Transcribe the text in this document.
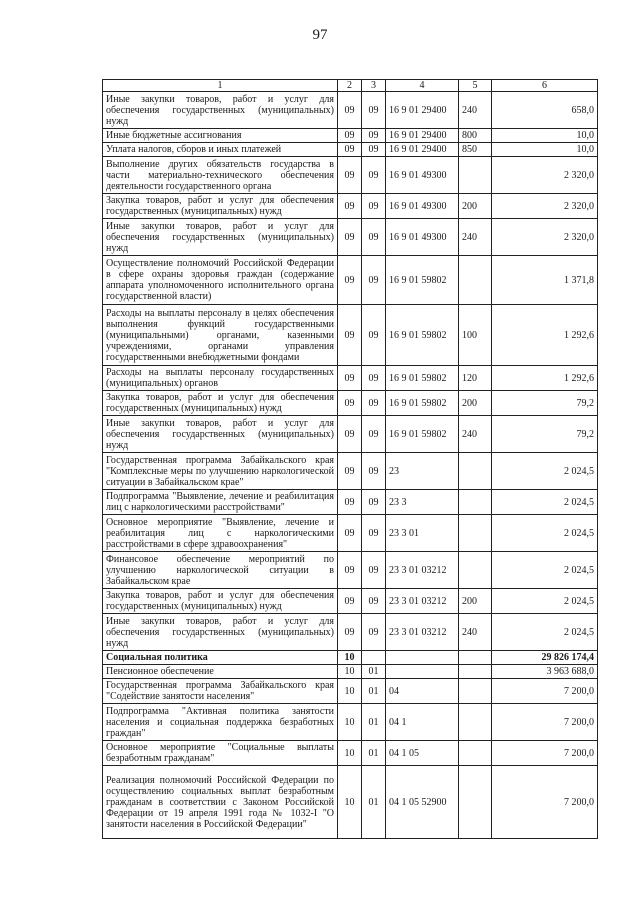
97
1	2	3	4	5	6
Иные закупки товаров, работ и услуг для обеспечения государственных (муниципальных) нужд	09	09	16 9 01 29400	240	658,0
Иные бюджетные ассигнования	09	09	16 9 01 29400	800	10,0
Уплата налогов, сборов и иных платежей	09	09	16 9 01 29400	850	10,0
Выполнение других обязательств государства в части материально-технического обеспечения деятельности государственного органа	09	09	16 9 01 49300		2 320,0
Закупка товаров, работ и услуг для обеспечения государственных (муниципальных) нужд	09	09	16 9 01 49300	200	2 320,0
Иные закупки товаров, работ и услуг для обеспечения государственных (муниципальных) нужд	09	09	16 9 01 49300	240	2 320,0
Осуществление полномочий Российской Федерации в сфере охраны здоровья граждан (содержание аппарата уполномоченного исполнительного органа государственной власти)	09	09	16 9 01 59802		1 371,8
Расходы на выплаты персоналу в целях обеспечения выполнения функций государственными (муниципальными) органами, казенными учреждениями, органами управления государственными внебюджетными фондами	09	09	16 9 01 59802	100	1 292,6
Расходы на выплаты персоналу государственных (муниципальных) органов	09	09	16 9 01 59802	120	1 292,6
Закупка товаров, работ и услуг для обеспечения государственных (муниципальных) нужд	09	09	16 9 01 59802	200	79,2
Иные закупки товаров, работ и услуг для обеспечения государственных (муниципальных) нужд	09	09	16 9 01 59802	240	79,2
Государственная программа Забайкальского края "Комплексные меры по улучшению наркологической ситуации в Забайкальском крае"	09	09	23		2 024,5
Подпрограмма "Выявление, лечение и реабилитация лиц с наркологическими расстройствами"	09	09	23 3		2 024,5
Основное мероприятие "Выявление, лечение и реабилитация лиц с наркологическими расстройствами в сфере здравоохранения"	09	09	23 3 01		2 024,5
Финансовое обеспечение мероприятий по улучшению наркологической ситуации в Забайкальском крае	09	09	23 3 01 03212		2 024,5
Закупка товаров, работ и услуг для обеспечения государственных (муниципальных) нужд	09	09	23 3 01 03212	200	2 024,5
Иные закупки товаров, работ и услуг для обеспечения государственных (муниципальных) нужд	09	09	23 3 01 03212	240	2 024,5
Социальная политика	10				29 826 174,4
Пенсионное обеспечение	10	01			3 963 688,0
Государственная программа Забайкальского края "Содействие занятости населения"	10	01	04		7 200,0
Подпрограмма "Активная политика занятости населения и социальная поддержка безработных граждан"	10	01	04 1		7 200,0
Основное мероприятие "Социальные выплаты безработным гражданам"	10	01	04 1 05		7 200,0
Реализация полномочий Российской Федерации по осуществлению социальных выплат безработным гражданам в соответствии с Законом Российской Федерации от 19 апреля 1991 года № 1032-I "О занятости населения в Российской Федерации"	10	01	04 1 05 52900		7 200,0
